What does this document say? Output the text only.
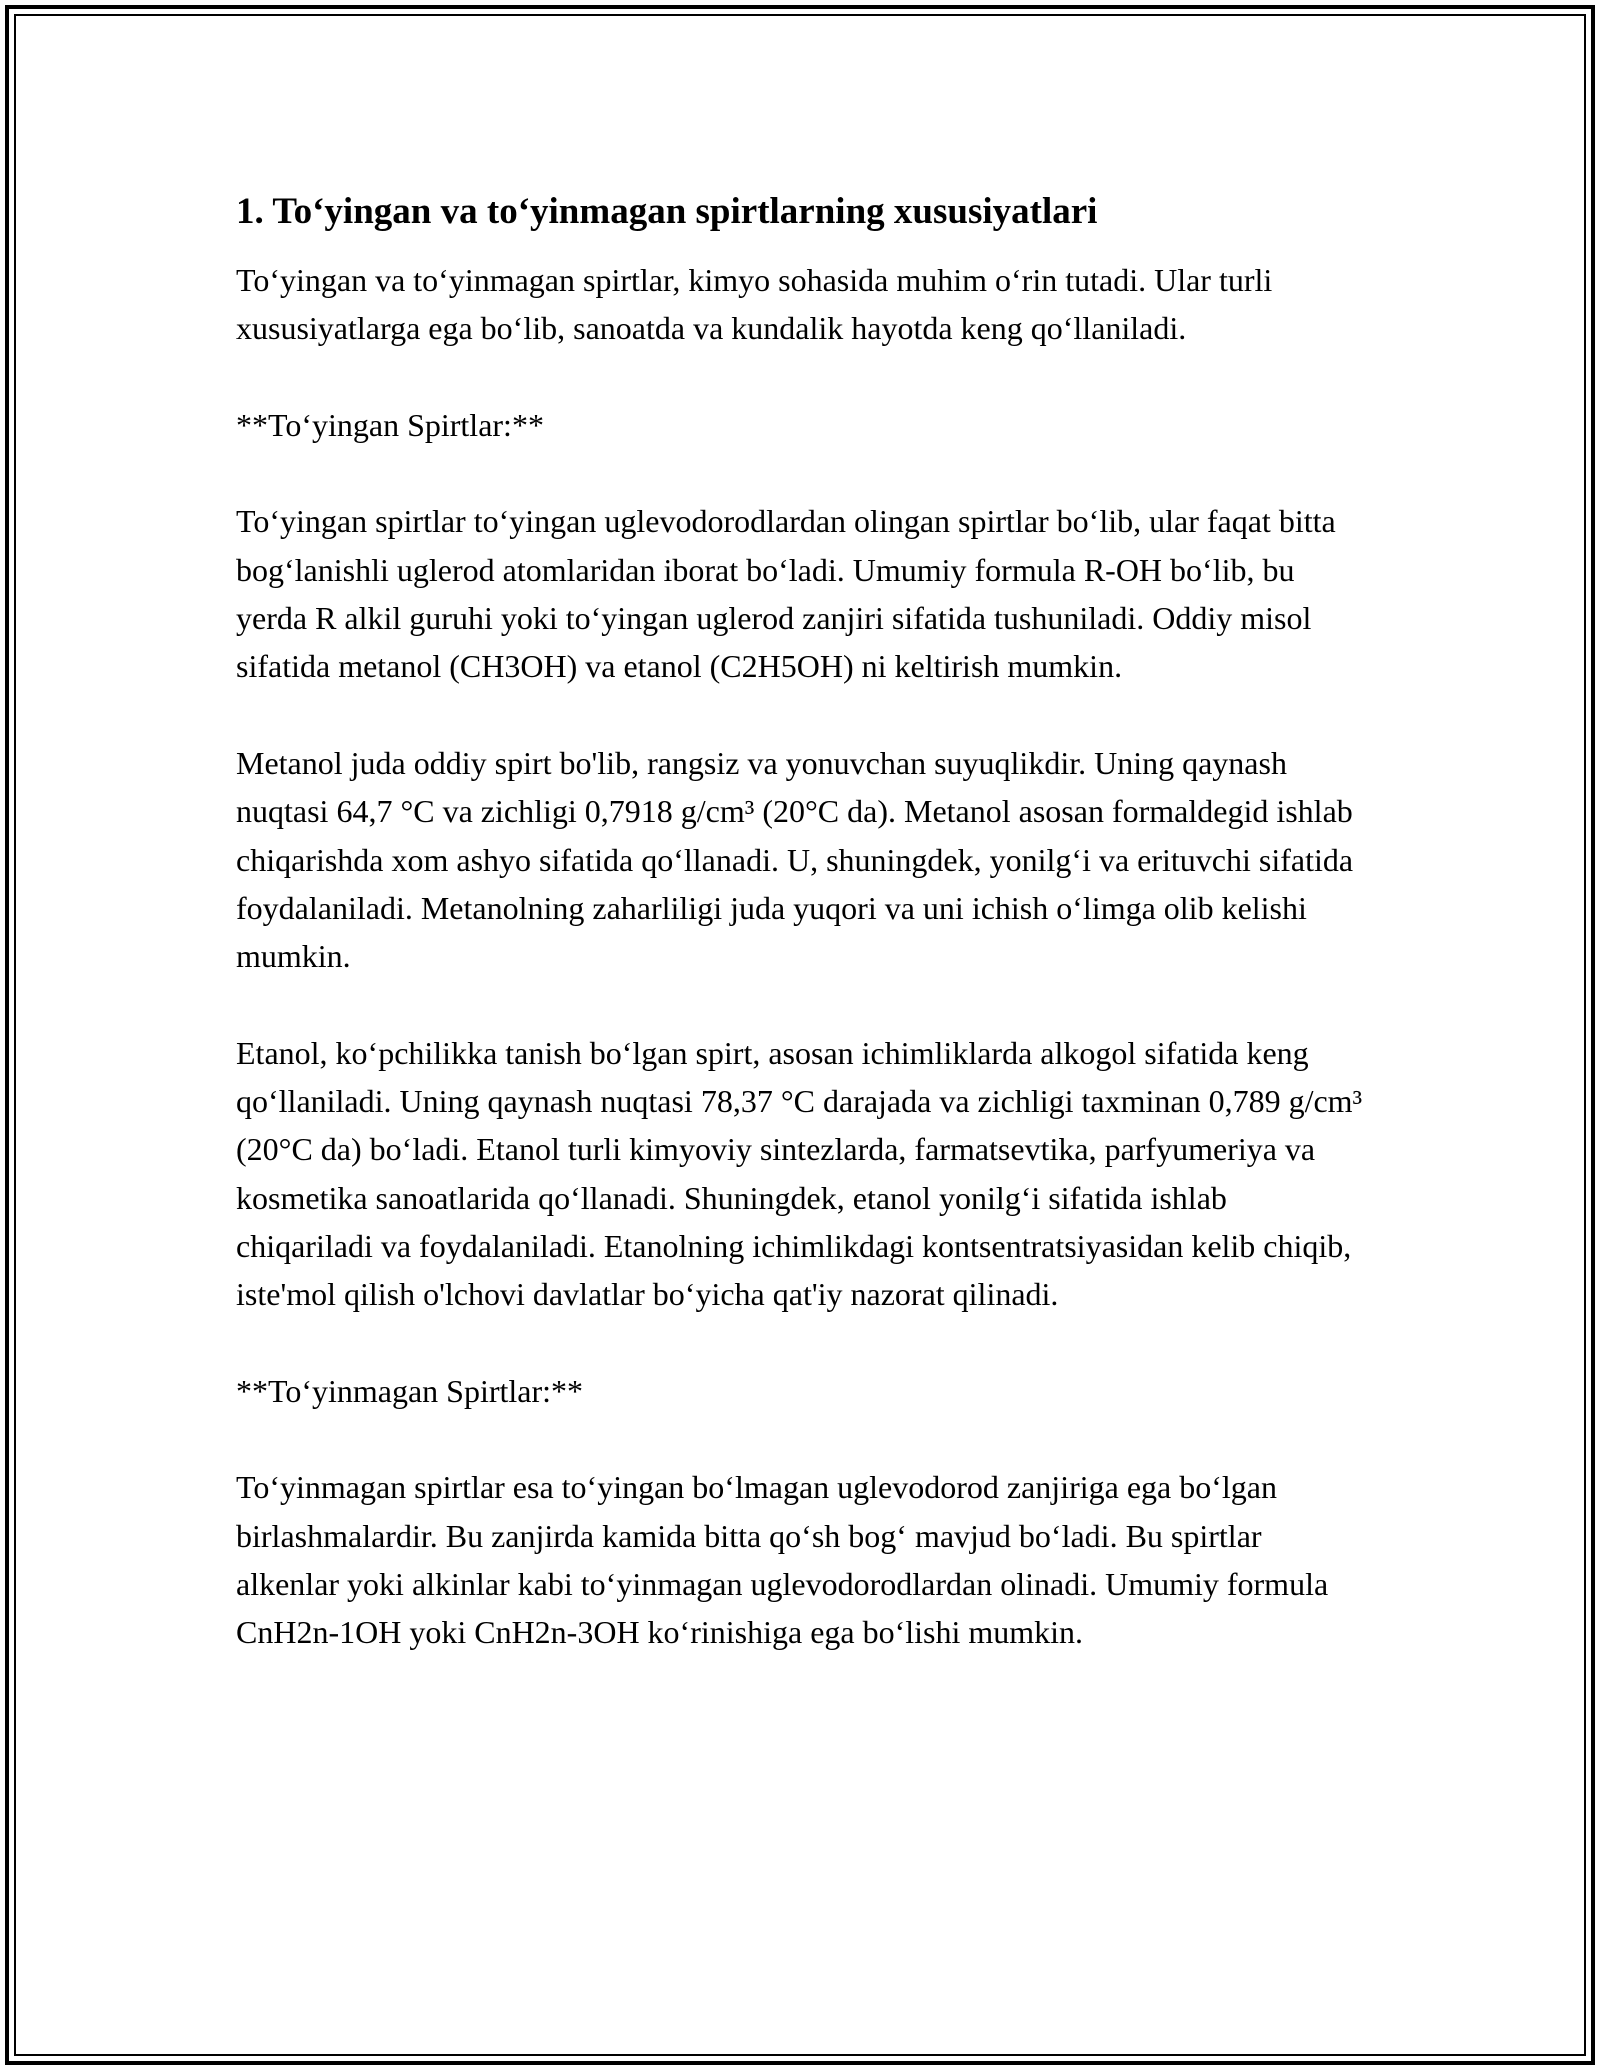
1. To‘yingan va to‘yinmagan spirtlarning xususiyatlari

To‘yingan va to‘yinmagan spirtlar, kimyo sohasida muhim o‘rin tutadi. Ular turli xususiyatlarga ega bo‘lib, sanoatda va kundalik hayotda keng qo‘llaniladi.

**To‘yingan Spirtlar:**

To‘yingan spirtlar to‘yingan uglevodorodlardan olingan spirtlar bo‘lib, ular faqat bitta bog‘lanishli uglerod atomlaridan iborat bo‘ladi. Umumiy formula R-OH bo‘lib, bu yerda R alkil guruhi yoki to‘yingan uglerod zanjiri sifatida tushuniladi. Oddiy misol sifatida metanol (CH3OH) va etanol (C2H5OH) ni keltirish mumkin.

Metanol juda oddiy spirt bo'lib, rangsiz va yonuvchan suyuqlikdir. Uning qaynash nuqtasi 64,7 °C va zichligi 0,7918 g/cm³ (20°C da). Metanol asosan formaldegid ishlab chiqarishda xom ashyo sifatida qo‘llanadi. U, shuningdek, yonilg‘i va erituvchi sifatida foydalaniladi. Metanolning zaharliligi juda yuqori va uni ichish o‘limga olib kelishi mumkin.

Etanol, ko‘pchilikka tanish bo‘lgan spirt, asosan ichimliklarda alkogol sifatida keng qo‘llaniladi. Uning qaynash nuqtasi 78,37 °C darajada va zichligi taxminan 0,789 g/cm³ (20°C da) bo‘ladi. Etanol turli kimyoviy sintezlarda, farmatsevtika, parfyumeriya va kosmetika sanoatlarida qo‘llanadi. Shuningdek, etanol yonilg‘i sifatida ishlab chiqariladi va foydalaniladi. Etanolning ichimlikdagi kontsentratsiyasidan kelib chiqib, iste'mol qilish o'lchovi davlatlar bo‘yicha qat'iy nazorat qilinadi.

**To‘yinmagan Spirtlar:**

To‘yinmagan spirtlar esa to‘yingan bo‘lmagan uglevodorod zanjiriga ega bo‘lgan birlashmalardir. Bu zanjirda kamida bitta qo‘sh bog‘ mavjud bo‘ladi. Bu spirtlar alkenlar yoki alkinlar kabi to‘yinmagan uglevodorodlardan olinadi. Umumiy formula CnH2n-1OH yoki CnH2n-3OH ko‘rinishiga ega bo‘lishi mumkin.
